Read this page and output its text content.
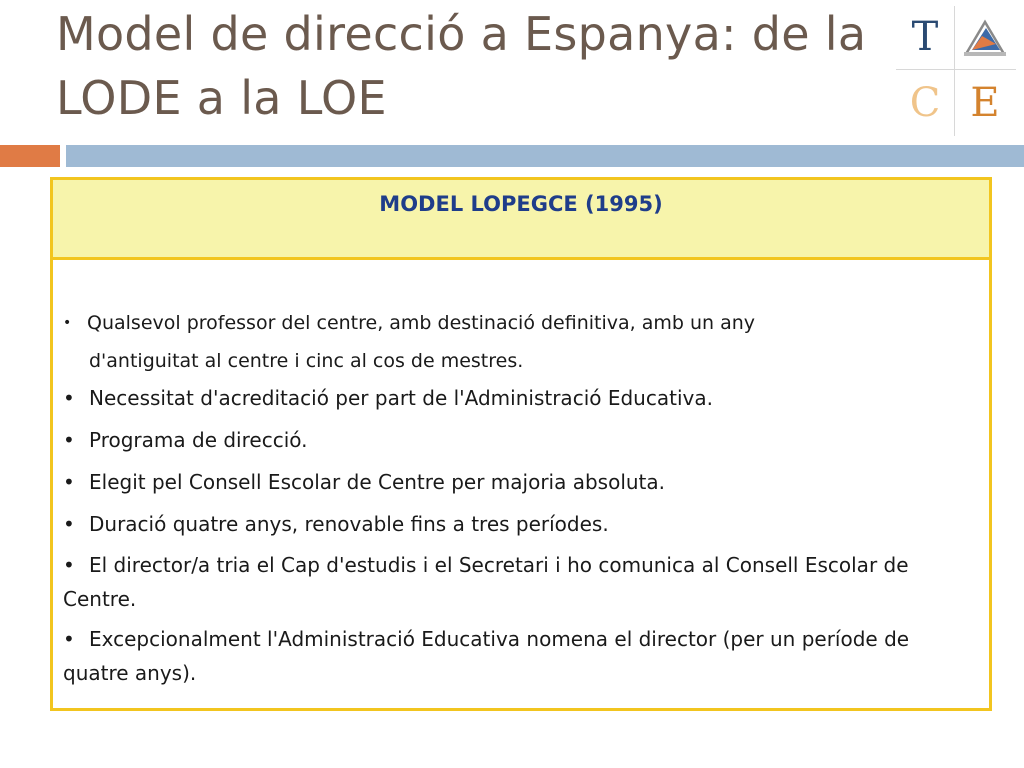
Model de direcció a Espanya: de la LODE a la LOE
T
C E
MODEL LOPEGCE (1995)
• Qualsevol professor del centre, amb destinació definitiva, amb un any
d'antiguitat al centre i cinc al cos de mestres.
• Necessitat d'acreditació per part de l'Administració Educativa.
• Programa de direcció.
• Elegit pel Consell Escolar de Centre per majoria absoluta.
• Duració quatre anys, renovable fins a tres períodes.
• El director/a tria el Cap d'estudis i el Secretari i ho comunica al Consell Escolar de Centre.
• Excepcionalment l'Administració Educativa nomena el director (per un període de quatre anys).
